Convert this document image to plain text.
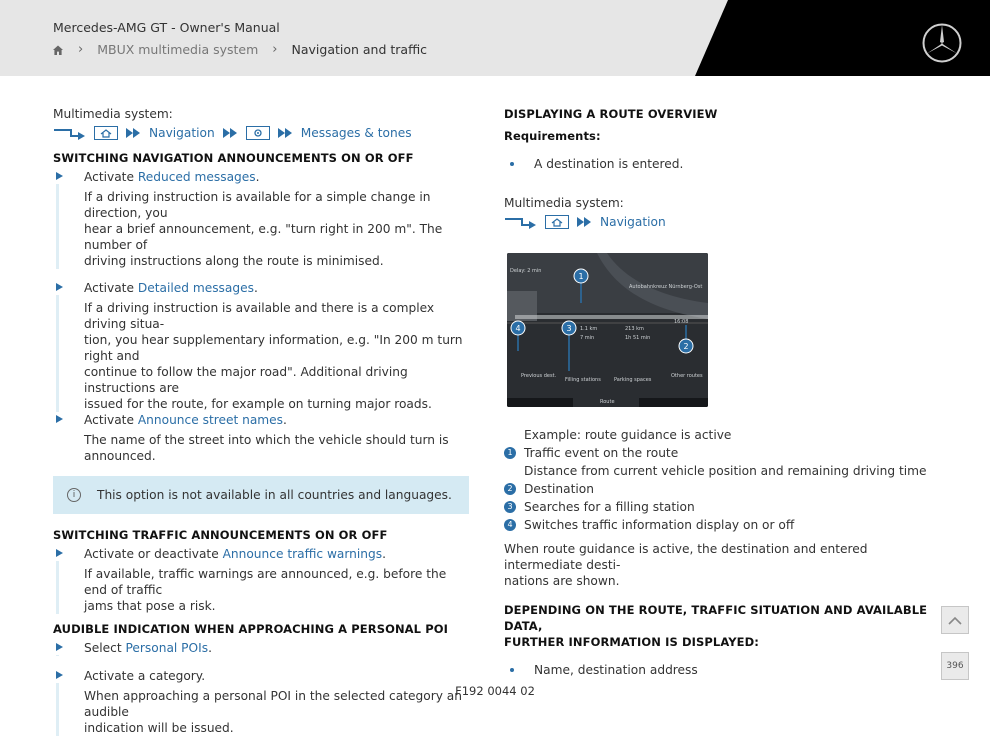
Mercedes-AMG GT - Owner's Manual
› MBUX multimedia system › Navigation and traffic
Multimedia system:
Navigation	Messages & tones
SWITCHING NAVIGATION ANNOUNCEMENTS ON OR OFF
Activate Reduced messages.
If a driving instruction is available for a simple change in direction, you
hear a brief announcement, e.g. "turn right in 200 m". The number of
driving instructions along the route is minimised.
Activate Detailed messages.
If a driving instruction is available and there is a complex driving situa-
tion, you hear supplementary information, e.g. "In 200 m turn right and
continue to follow the major road". Additional driving instructions are
issued for the route, for example on turning major roads.
Activate Announce street names.
The name of the street into which the vehicle should turn is announced.
i	This option is not available in all countries and languages.
SWITCHING TRAFFIC ANNOUNCEMENTS ON OR OFF
Activate or deactivate Announce traffic warnings.
If available, traffic warnings are announced, e.g. before the end of traffic
jams that pose a risk.
AUDIBLE INDICATION WHEN APPROACHING A PERSONAL POI
Select Personal POIs.
Activate a category.
When approaching a personal POI in the selected category an audible
indication will be issued.
DISPLAYING A ROUTE OVERVIEW
Requirements:
A destination is entered.
Multimedia system:
Navigation
Delay: 2 min
Autobahnkreuz Nürnberg-Ost
1.1 km
7 min
213 km
1h 51 min
16:08
Previous dest.
Filling stations	Parking spaces
Other routes
Route
1
2
3
4
Example: route guidance is active
1 Traffic event on the route
Distance from current vehicle position and remaining driving time
2 Destination
3 Searches for a filling station
4 Switches traffic information display on or off
When route guidance is active, the destination and entered intermediate desti-
nations are shown.
DEPENDING ON THE ROUTE, TRAFFIC SITUATION AND AVAILABLE DATA,
FURTHER INFORMATION IS DISPLAYED:
Name, destination address	396
F192 0044 02
